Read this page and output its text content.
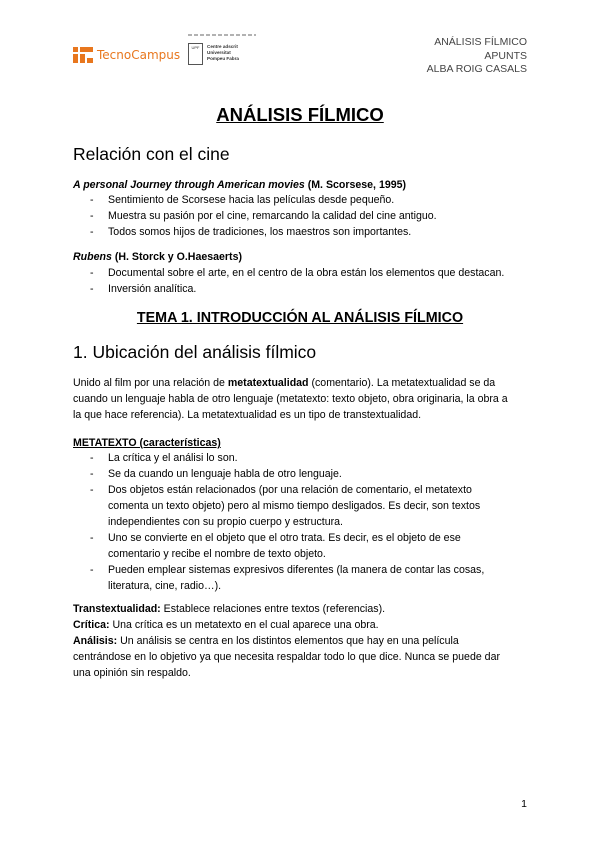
TecnoCampus
UPF	Centre adscrit
Universitat
Pompeu Fabra
ANÁLISIS FÍLMICO
APUNTS
ALBA ROIG CASALS
ANÁLISIS FÍLMICO
Relación con el cine
A personal Journey through American movies (M. Scorsese, 1995)
- Sentimiento de Scorsese hacia las películas desde pequeño.
- Muestra su pasión por el cine, remarcando la calidad del cine antiguo.
- Todos somos hijos de tradiciones, los maestros son importantes.
Rubens (H. Storck y O.Haesaerts)
- Documental sobre el arte, en el centro de la obra están los elementos que destacan.
- Inversión analítica.
TEMA 1. INTRODUCCIÓN AL ANÁLISIS FÍLMICO
1. Ubicación del análisis fílmico
Unido al film por una relación de metatextualidad (comentario). La metatextualidad se da
cuando un lenguaje habla de otro lenguaje (metatexto: texto objeto, obra originaria, la obra a
la que hace referencia). La metatextualidad es un tipo de transtextualidad.
METATEXTO (características)
- La crítica y el análisi lo son.
- Se da cuando un lenguaje habla de otro lenguaje.
- Dos objetos están relacionados (por una relación de comentario, el metatexto
comenta un texto objeto) pero al mismo tiempo desligados. Es decir, son textos
independientes con su propio cuerpo y estructura.
- Uno se convierte en el objeto que el otro trata. Es decir, es el objeto de ese
comentario y recibe el nombre de texto objeto.
- Pueden emplear sistemas expresivos diferentes (la manera de contar las cosas,
literatura, cine, radio…).
Transtextualidad: Establece relaciones entre textos (referencias).
Crítica: Una crítica es un metatexto en el cual aparece una obra.
Análisis: Un análisis se centra en los distintos elementos que hay en una película
centrándose en lo objetivo ya que necesita respaldar todo lo que dice. Nunca se puede dar
una opinión sin respaldo.
1
